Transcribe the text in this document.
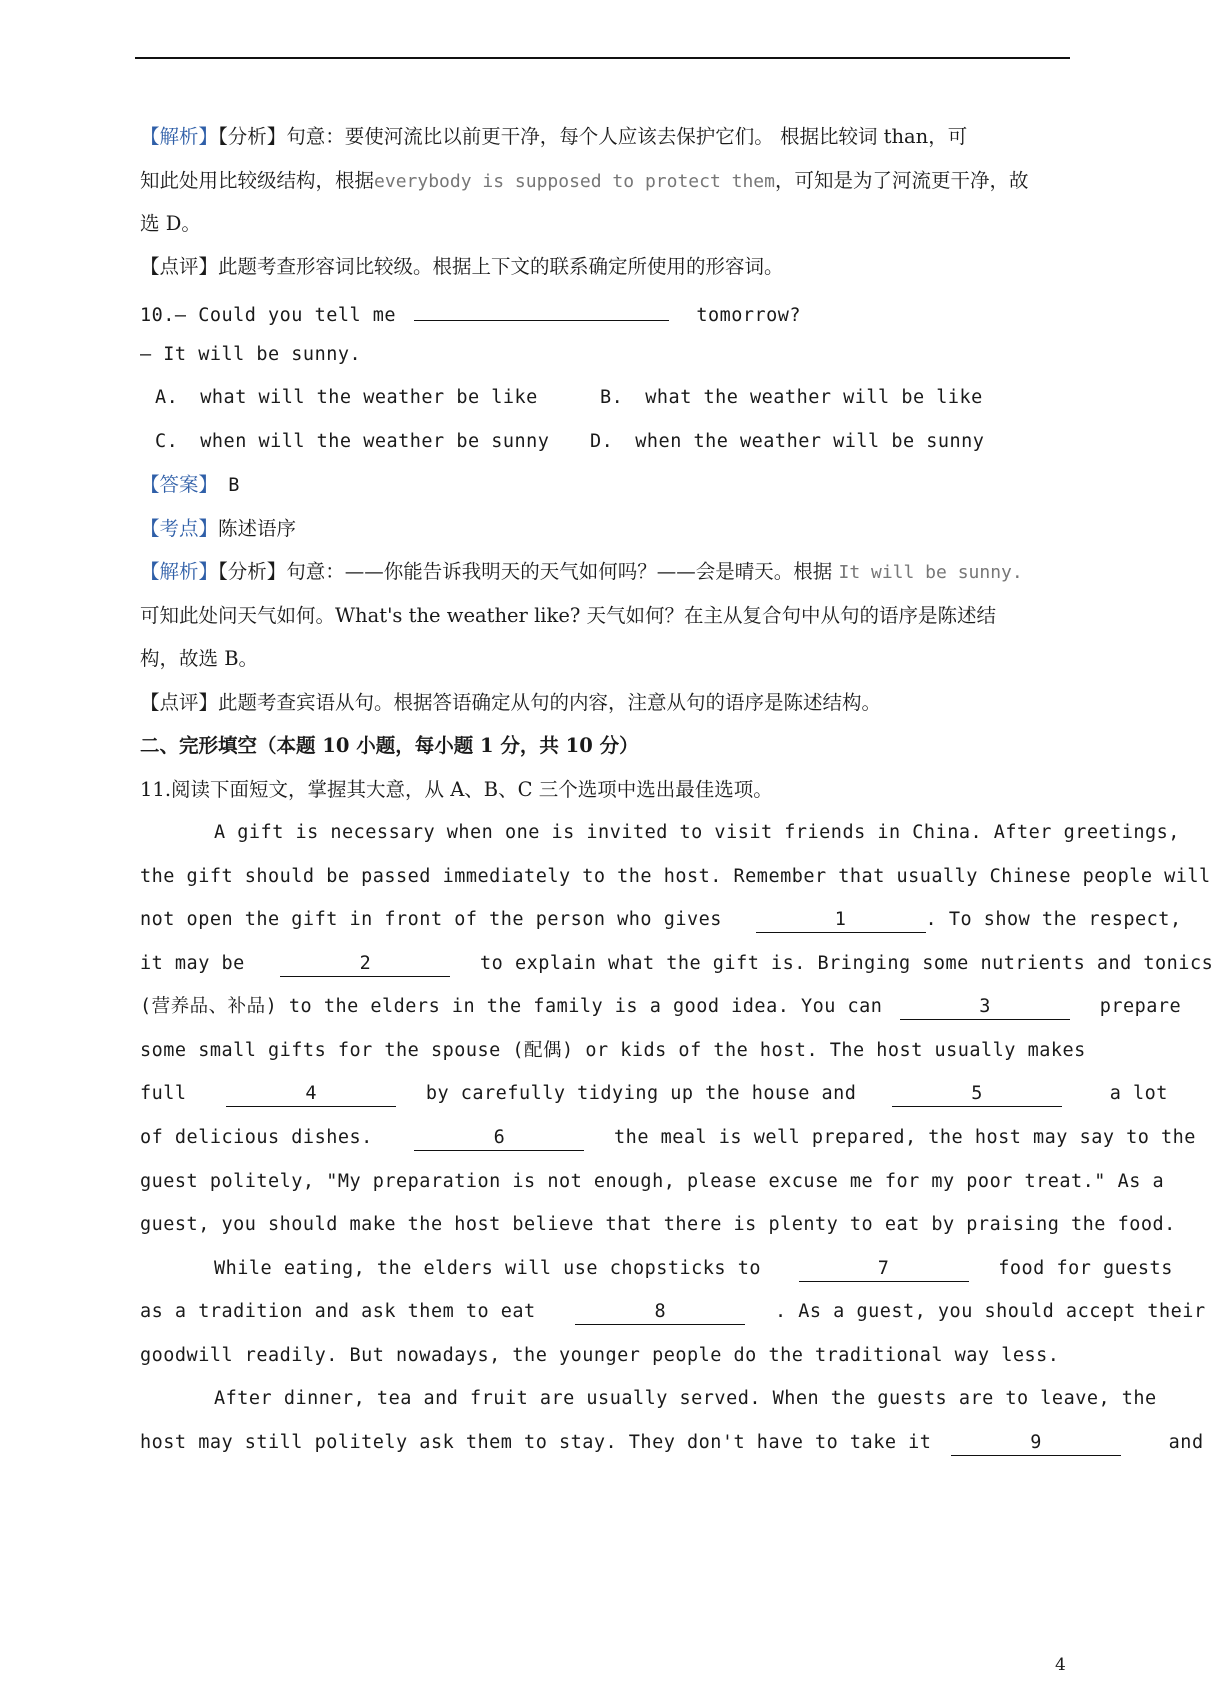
【解析】【分析】句意：要使河流比以前更干净，每个人应该去保护它们。 根据比较词 than，可
知此处用比较级结构，根据everybody is supposed to protect them，可知是为了河流更干净，故
选 D。
【点评】此题考查形容词比较级。根据上下文的联系确定所使用的形容词。
10.— Could you tell me	tomorrow?
— It will be sunny.
A. what will the weather be like	B. what the weather will be like
C. when will the weather be sunny D. when the weather will be sunny
【答案】 B
【考点】陈述语序
【解析】【分析】句意：——你能告诉我明天的天气如何吗？——会是晴天。根据 It will be sunny.
可知此处问天气如何。What's the weather like? 天气如何？在主从复合句中从句的语序是陈述结
构，故选 B。
【点评】此题考查宾语从句。根据答语确定从句的内容，注意从句的语序是陈述结构。
二、完形填空（本题 10 小题，每小题 1 分，共 10 分）
11.阅读下面短文，掌握其大意，从 A、B、C 三个选项中选出最佳选项。
A gift is necessary when one is invited to visit friends in China. After greetings,
the gift should be passed immediately to the host. Remember that usually Chinese people will
not open the gift in front of the person who gives	1	. To show the respect,
it may be	2	to explain what the gift is. Bringing some nutrients and tonics
(营养品、补品) to the elders in the family is a good idea. You can	3	prepare
some small gifts for the spouse (配偶) or kids of the host. The host usually makes
full	4	by carefully tidying up the house and	5	a lot
of delicious dishes.	6	the meal is well prepared, the host may say to the
guest politely, "My preparation is not enough, please excuse me for my poor treat." As a
guest, you should make the host believe that there is plenty to eat by praising the food.
While eating, the elders will use chopsticks to	7	food for guests
as a tradition and ask them to eat	8	. As a guest, you should accept their
goodwill readily. But nowadays, the younger people do the traditional way less.
After dinner, tea and fruit are usually served. When the guests are to leave, the
host may still politely ask them to stay. They don't have to take it	9	and
4
